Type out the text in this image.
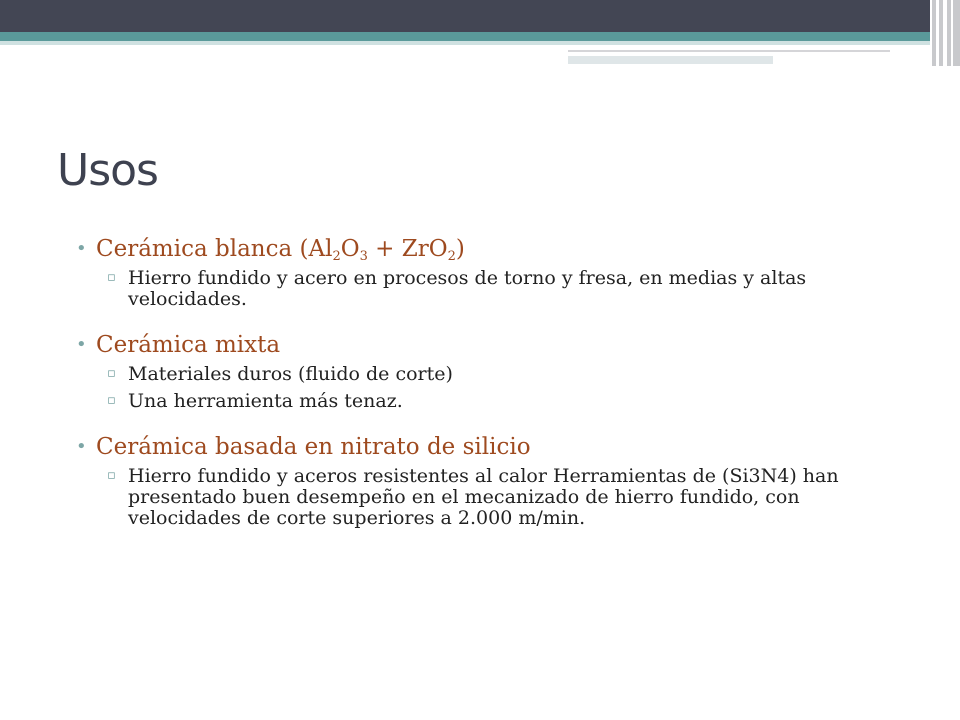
Usos
• Cerámica blanca $(Al_2O_3 + ZrO_2)$
▫ Hierro fundido y acero en procesos de torno y fresa, en medias y altas velocidades.
• Cerámica mixta
▫ Materiales duros (fluido de corte)
▫ Una herramienta más tenaz.
• Cerámica basada en nitrato de silicio
▫ Hierro fundido y aceros resistentes al calor Herramientas de (Si3N4) han presentado buen desempeño en el mecanizado de hierro fundido, con velocidades de corte superiores a 2.000 m/min.
